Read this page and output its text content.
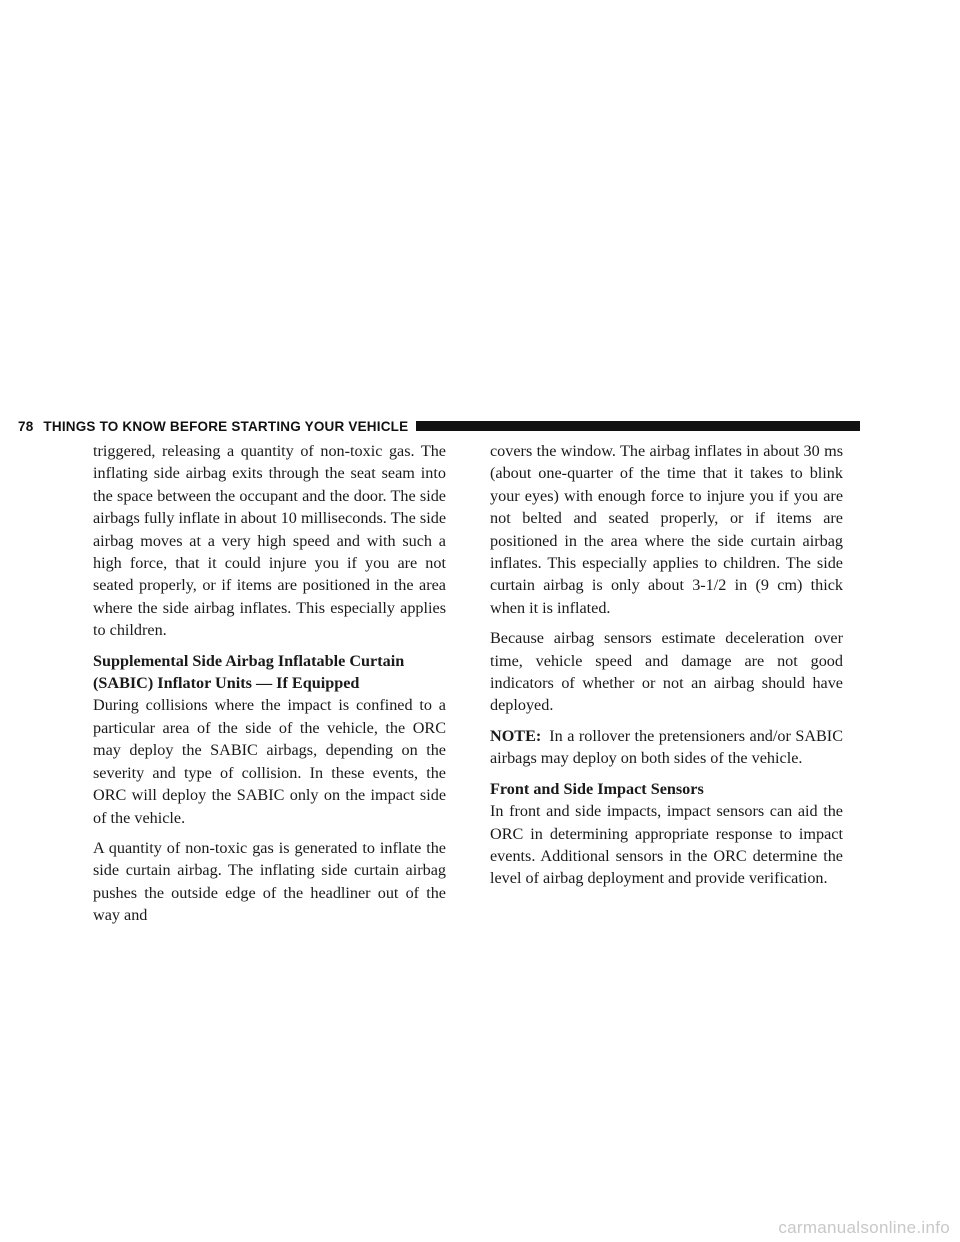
78 THINGS TO KNOW BEFORE STARTING YOUR VEHICLE

triggered, releasing a quantity of non-toxic gas. The inflating side airbag exits through the seat seam into the space between the occupant and the door. The side airbags fully inflate in about 10 milliseconds. The side airbag moves at a very high speed and with such a high force, that it could injure you if you are not seated properly, or if items are positioned in the area where the side airbag inflates. This especially applies to children.

Supplemental Side Airbag Inflatable Curtain (SABIC) Inflator Units — If Equipped

During collisions where the impact is confined to a particular area of the side of the vehicle, the ORC may deploy the SABIC airbags, depending on the severity and type of collision. In these events, the ORC will deploy the SABIC only on the impact side of the vehicle.

A quantity of non-toxic gas is generated to inflate the side curtain airbag. The inflating side curtain airbag pushes the outside edge of the headliner out of the way and

covers the window. The airbag inflates in about 30 ms (about one-quarter of the time that it takes to blink your eyes) with enough force to injure you if you are not belted and seated properly, or if items are positioned in the area where the side curtain airbag inflates. This especially applies to children. The side curtain airbag is only about 3-1/2 in (9 cm) thick when it is inflated.

Because airbag sensors estimate deceleration over time, vehicle speed and damage are not good indicators of whether or not an airbag should have deployed.

NOTE: In a rollover the pretensioners and/or SABIC airbags may deploy on both sides of the vehicle.

Front and Side Impact Sensors

In front and side impacts, impact sensors can aid the ORC in determining appropriate response to impact events. Additional sensors in the ORC determine the level of airbag deployment and provide verification.

carmanualsonline.info
